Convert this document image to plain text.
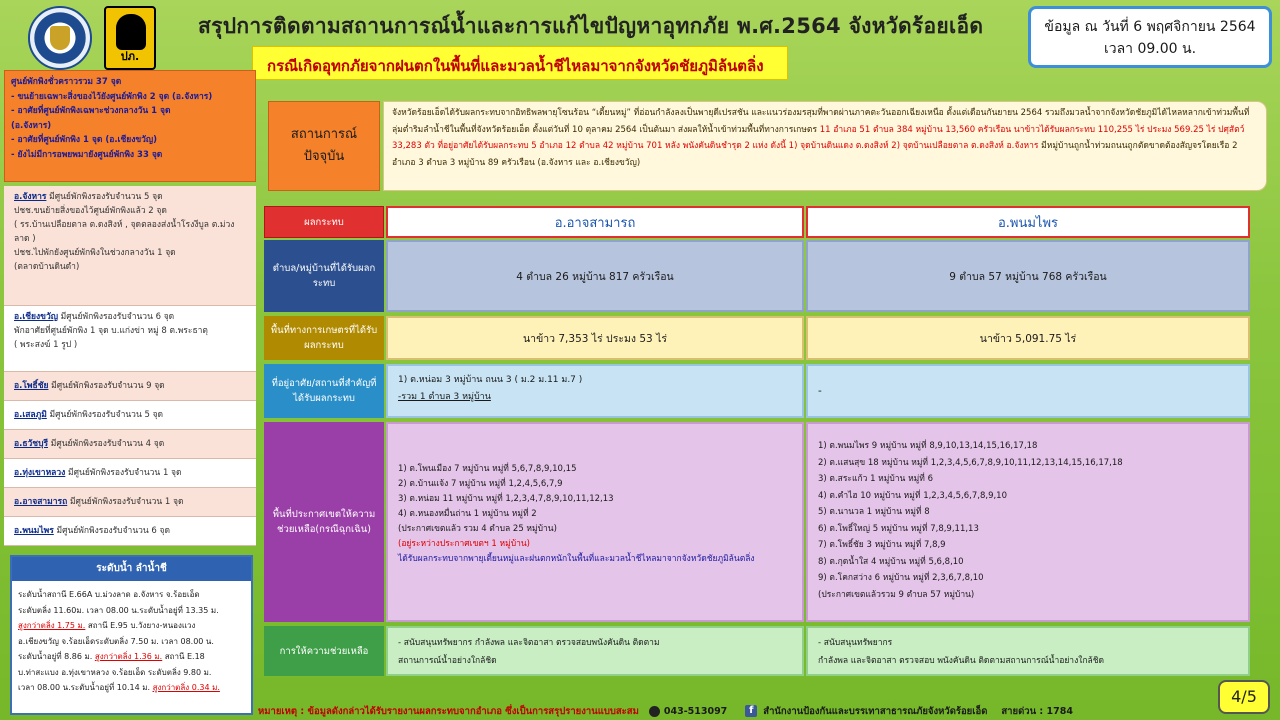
ปภ.
สรุปการติดตามสถานการณ์น้ำและการแก้ไขปัญหาอุทกภัย พ.ศ.2564 จังหวัดร้อยเอ็ด
กรณีเกิดอุทกภัยจากฝนตกในพื้นที่และมวลน้ำชีไหลมาจากจังหวัดชัยภูมิล้นตลิ่ง
ข้อมูล ณ วันที่ 6 พฤศจิกายน 2564
เวลา 09.00 น.
ศูนย์พักพิงชั่วคราวรวม 37 จุด
- ขนย้ายเฉพาะสิ่งของไว้ยังศูนย์พักพิง 2 จุด (อ.จังหาร)
- อาศัยที่ศูนย์พักพิงเฉพาะช่วงกลางวัน 1 จุด
(อ.จังหาร)
- อาศัยที่ศูนย์พักพิง 1 จุด (อ.เชียงขวัญ)
- ยังไม่มีการอพยพมายังศูนย์พักพิง 33 จุด
อ.จังหาร มีศูนย์พักพิงรองรับจำนวน 5 จุด
ปชช.ขนย้ายสิ่งของไว้ศูนย์พักพิงแล้ว 2 จุด
( รร.บ้านเปลือยตาล ต.ดงสิงห์ , จุดตลองส่งน้ำโรงงีบูล ต.ม่วงลาด )
ปชช.ไปพักยังศูนย์พักพิงในช่วงกลางวัน 1 จุด
(ตลาดบ้านดินดำ)
อ.เชียงขวัญ มีศูนย์พักพิงรองรับจำนวน 6 จุด
พักอาศัยที่ศูนย์พักพิง 1 จุด บ.แก่งข่า หมู่ 8 ต.พระธาตุ
( พระสงฆ์ 1 รูป )
อ.โพธิ์ชัย มีศูนย์พักพิงรองรับจำนวน 9 จุด
อ.เสลภูมิ มีศูนย์พักพิงรองรับจำนวน 5 จุด
อ.ธวัชบุรี มีศูนย์พักพิงรองรับจำนวน 4 จุด
อ.ทุ่งเขาหลวง มีศูนย์พักพิงรองรับจำนวน 1 จุด
อ.อาจสามารถ มีศูนย์พักพิงรองรับจำนวน 1 จุด
อ.พนมไพร มีศูนย์พักพิงรองรับจำนวน 6 จุด
ระดับน้ำ ลำน้ำชี
ระดับน้ำสถานี E.66A บ.ม่วงลาด อ.จังหาร จ.ร้อยเอ็ด
ระดับตลิ่ง 11.60ม. เวลา 08.00 น.ระดับน้ำอยู่ที่ 13.35 ม.
สูงกว่าตลิ่ง 1.75 ม. สถานี E.95 บ.วังยาง-หนองแวง
อ.เชียงขวัญ จ.ร้อยเอ็ดระดับตลิ่ง 7.50 ม. เวลา 08.00 น.
ระดับน้ำอยู่ที่ 8.86 ม. สูงกว่าตลิ่ง 1.36 ม. สถานี E.18
บ.ท่าสะแบง อ.ทุ่งเขาหลวง จ.ร้อยเอ็ด ระดับตลิ่ง 9.80 ม.
เวลา 08.00 น.ระดับน้ำอยู่ที่ 10.14 ม. สูงกว่าตลิ่ง 0.34 ม.
สถานการณ์
ปัจจุบัน
จังหวัดร้อยเอ็ดได้รับผลกระทบจากอิทธิพลพายุโซนร้อน “เตี้ยนหมู่” ที่อ่อนกำลังลงเป็นพายุดีเปรสชัน และแนวร่องมรสุมที่พาดผ่านภาคตะวันออกเฉียงเหนือ ตั้งแต่เดือนกันยายน 2564 รวมถึงมวลน้ำจากจังหวัดชัยภูมิได้ไหลหลากเข้าท่วมพื้นที่ลุ่มต่ำริมลำน้ำชีในพื้นที่จังหวัดร้อยเอ็ด ตั้งแต่วันที่ 10 ตุลาคม 2564 เป็นต้นมา ส่งผลให้น้ำเข้าท่วมพื้นที่ทางการเกษตร 11 อำเภอ 51 ตำบล 384 หมู่บ้าน 13,560 ครัวเรือน นาข้าวได้รับผลกระทบ 110,255 ไร่ ประมง 569.25 ไร่ ปศุสัตว์ 33,283 ตัว ที่อยู่อาศัยได้รับผลกระทบ 5 อำเภอ 12 ตำบล 42 หมู่บ้าน 701 หลัง พนังคันดินชำรุด 2 แห่ง ดังนี้ 1) จุดบ้านดินแดง ต.ดงสิงห์ 2) จุดบ้านเปลือยตาล ต.ดงสิงห์ อ.จังหาร มีหมู่บ้านถูกน้ำท่วมถนนถูกตัดขาดต้องสัญจรโดยเรือ 2 อำเภอ 3 ตำบล 3 หมู่บ้าน 89 ครัวเรือน (อ.จังหาร และ อ.เชียงขวัญ)
ผลกระทบ	อ.อาจสามารถ	อ.พนมไพร
ตำบล/หมู่บ้านที่ได้รับผลกระทบ
4 ตำบล 26 หมู่บ้าน 817 ครัวเรือน	9 ตำบล 57 หมู่บ้าน 768 ครัวเรือน
พื้นที่ทางการเกษตรที่ได้รับผลกระทบ
นาข้าว 7,353 ไร่ ประมง 53 ไร่	นาข้าว 5,091.75 ไร่
ที่อยู่อาศัย/สถานที่สำคัญที่ได้รับผลกระทบ
1) ต.หน่อม 3 หมู่บ้าน ถนน 3 ( ม.2 ม.11 ม.7 )
-รวม 1 ตำบล 3 หมู่บ้าน	-
พื้นที่ประกาศเขตให้ความช่วยเหลือ(กรณีฉุกเฉิน)
1) ต.โพนเมือง 7 หมู่บ้าน หมู่ที่ 5,6,7,8,9,10,15
2) ต.บ้านแจ้ง 7 หมู่บ้าน หมู่ที่ 1,2,4,5,6,7,9
3) ต.หน่อม 11 หมู่บ้าน หมู่ที่ 1,2,3,4,7,8,9,10,11,12,13
4) ต.หนองหมื่นถ่าน 1 หมู่บ้าน หมู่ที่ 2
(ประกาศเขตแล้ว รวม 4 ตำบล 25 หมู่บ้าน)
(อยู่ระหว่างประกาศเขตฯ 1 หมู่บ้าน)
ได้รับผลกระทบจากพายุเตี้ยนหมู่และฝนตกหนักในพื้นที่และมวลน้ำชีไหลมาจากจังหวัดชัยภูมิล้นตลิ่ง
1) ต.พนมไพร 9 หมู่บ้าน หมู่ที่ 8,9,10,13,14,15,16,17,18
2) ต.แสนสุข 18 หมู่บ้าน หมู่ที่ 1,2,3,4,5,6,7,8,9,10,11,12,13,14,15,16,17,18
3) ต.สระแก้ว 1 หมู่บ้าน หมู่ที่ 6
4) ต.คำไฮ 10 หมู่บ้าน หมู่ที่ 1,2,3,4,5,6,7,8,9,10
5) ต.นานวล 1 หมู่บ้าน หมู่ที่ 8
6) ต.โพธิ์ใหญ่ 5 หมู่บ้าน หมู่ที่ 7,8,9,11,13
7) ต.โพธิ์ชัย 3 หมู่บ้าน หมู่ที่ 7,8,9
8) ต.กุดน้ำใส 4 หมู่บ้าน หมู่ที่ 5,6,8,10
9) ต.โคกสว่าง 6 หมู่บ้าน หมู่ที่ 2,3,6,7,8,10
(ประกาศเขตแล้วรวม 9 ตำบล 57 หมู่บ้าน)
การให้ความช่วยเหลือ
- สนับสนุนทรัพยากร กำลังพล และจิตอาสา ตรวจสอบพนังคันดิน ติดตาม
สถานการณ์น้ำอย่างใกล้ชิด
- สนับสนุนทรัพยากร
กำลังพล และจิตอาสา ตรวจสอบ พนังคันดิน ติดตามสถานการณ์น้ำอย่างใกล้ชิด
หมายเหตุ : ข้อมูลดังกล่าวได้รับรายงานผลกระทบจากอำเภอ ซึ่งเป็นการสรุปรายงานแบบสะสม	043-513097	f	สำนักงานป้องกันและบรรเทาสาธารณภัยจังหวัดร้อยเอ็ด สายด่วน : 1784
4/5
